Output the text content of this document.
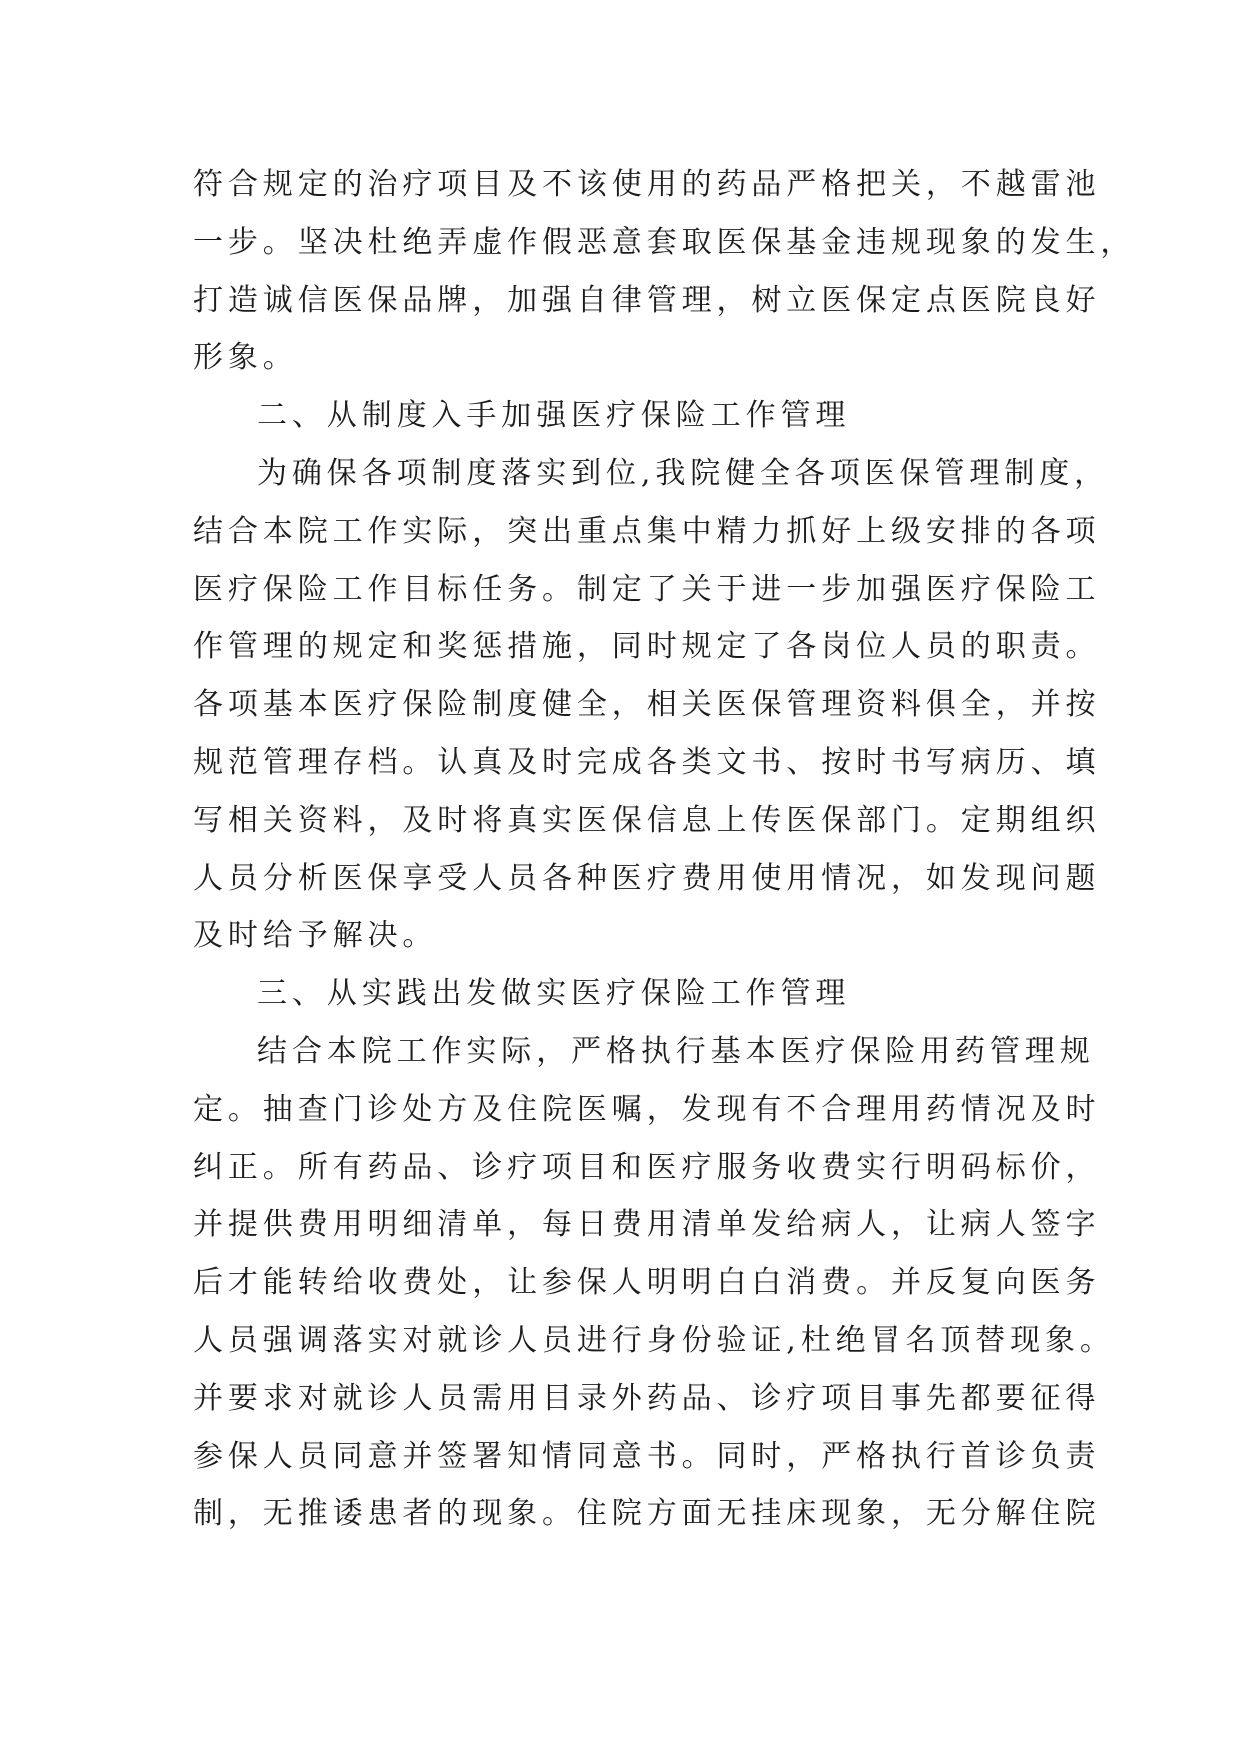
符合规定的治疗项目及不该使用的药品严格把关，不越雷池
一步。坚决杜绝弄虚作假恶意套取医保基金违规现象的发生，
打造诚信医保品牌，加强自律管理，树立医保定点医院良好
形象。
二、从制度入手加强医疗保险工作管理
为确保各项制度落实到位,我院健全各项医保管理制度，
结合本院工作实际，突出重点集中精力抓好上级安排的各项
医疗保险工作目标任务。制定了关于进一步加强医疗保险工
作管理的规定和奖惩措施，同时规定了各岗位人员的职责。
各项基本医疗保险制度健全，相关医保管理资料俱全，并按
规范管理存档。认真及时完成各类文书、按时书写病历、填
写相关资料，及时将真实医保信息上传医保部门。定期组织
人员分析医保享受人员各种医疗费用使用情况，如发现问题
及时给予解决。
三、从实践出发做实医疗保险工作管理
结合本院工作实际，严格执行基本医疗保险用药管理规
定。抽查门诊处方及住院医嘱，发现有不合理用药情况及时
纠正。所有药品、诊疗项目和医疗服务收费实行明码标价，
并提供费用明细清单，每日费用清单发给病人，让病人签字
后才能转给收费处，让参保人明明白白消费。并反复向医务
人员强调落实对就诊人员进行身份验证,杜绝冒名顶替现象。
并要求对就诊人员需用目录外药品、诊疗项目事先都要征得
参保人员同意并签署知情同意书。同时，严格执行首诊负责
制，无推诿患者的现象。住院方面无挂床现象，无分解住院
